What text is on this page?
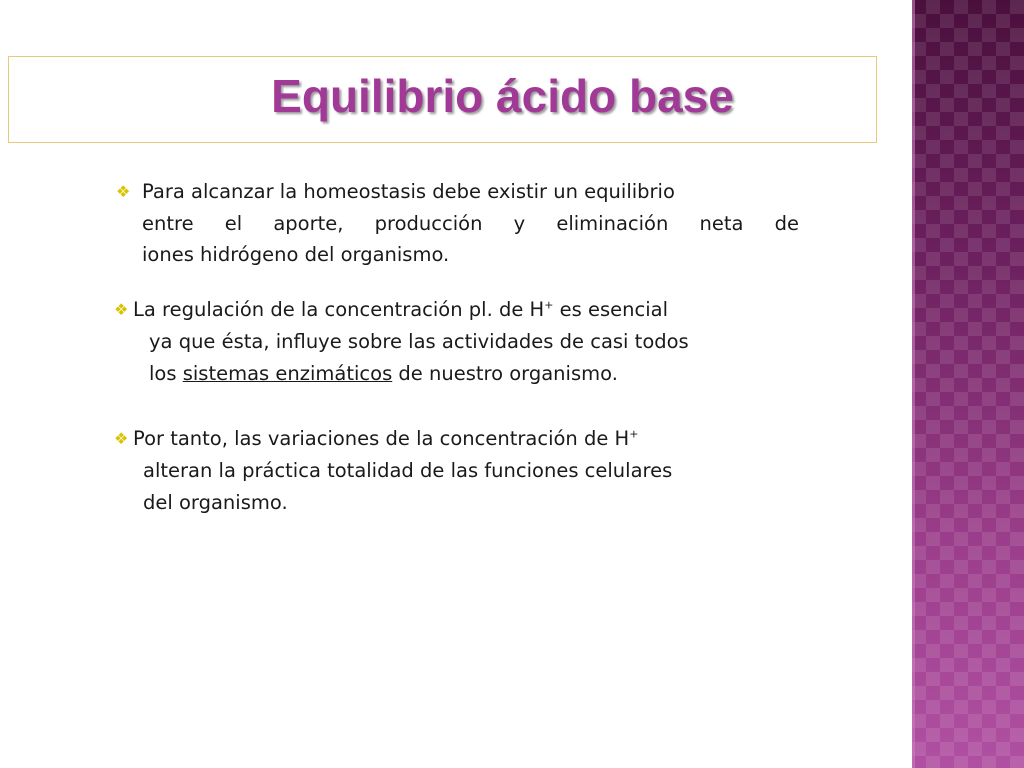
Equilibrio ácido base
❖ Para alcanzar la homeostasis debe existir un equilibrio
entre el aporte, producción y eliminación neta de
iones hidrógeno del organismo.
❖ La regulación de la concentración pl. de H+ es esencial
ya que ésta, influye sobre las actividades de casi todos
los sistemas enzimáticos de nuestro organismo.
❖ Por tanto, las variaciones de la concentración de H+
alteran la práctica totalidad de las funciones celulares
del organismo.
